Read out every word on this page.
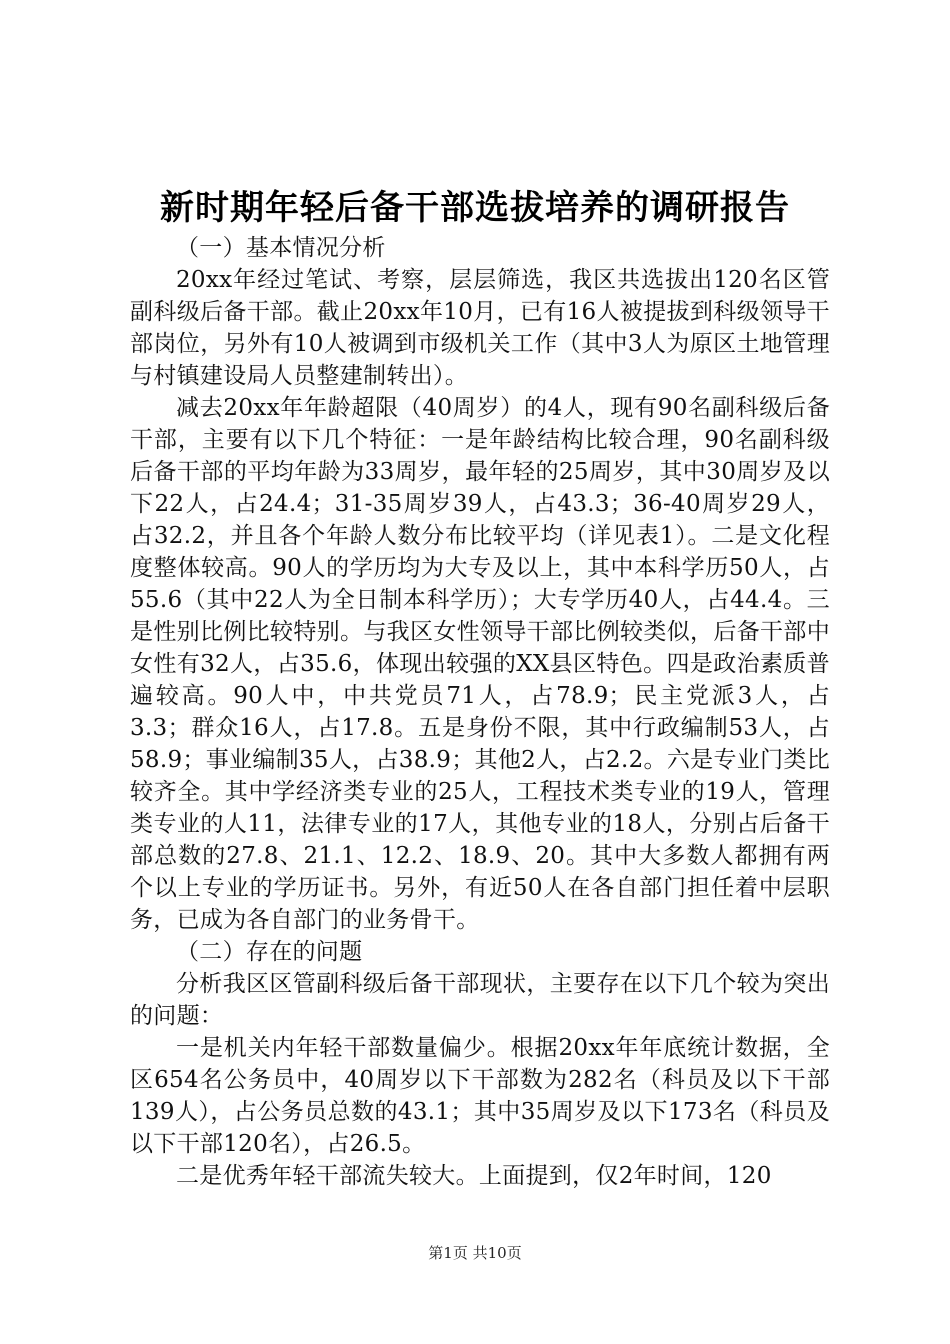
新时期年轻后备干部选拔培养的调研报告

（一）基本情况分析

20xx年经过笔试、考察，层层筛选，我区共选拔出120名区管副科级后备干部。截止20xx年10月，已有16人被提拔到科级领导干部岗位，另外有10人被调到市级机关工作（其中3人为原区土地管理与村镇建设局人员整建制转出）。

减去20xx年年龄超限（40周岁）的4人，现有90名副科级后备干部，主要有以下几个特征：一是年龄结构比较合理，90名副科级后备干部的平均年龄为33周岁，最年轻的25周岁，其中30周岁及以下22人，占24.4；31-35周岁39人，占43.3；36-40周岁29人，占32.2，并且各个年龄人数分布比较平均（详见表1）。二是文化程度整体较高。90人的学历均为大专及以上，其中本科学历50人，占55.6（其中22人为全日制本科学历）；大专学历40人，占44.4。三是性别比例比较特别。与我区女性领导干部比例较类似，后备干部中女性有32人，占35.6，体现出较强的XX县区特色。四是政治素质普遍较高。90人中，中共党员71人，占78.9；民主党派3人，占3.3；群众16人，占17.8。五是身份不限，其中行政编制53人，占58.9；事业编制35人，占38.9；其他2人，占2.2。六是专业门类比较齐全。其中学经济类专业的25人，工程技术类专业的19人，管理类专业的人11，法律专业的17人，其他专业的18人，分别占后备干部总数的27.8、21.1、12.2、18.9、20。其中大多数人都拥有两个以上专业的学历证书。另外，有近50人在各自部门担任着中层职务，已成为各自部门的业务骨干。

（二）存在的问题

分析我区区管副科级后备干部现状，主要存在以下几个较为突出的问题：

一是机关内年轻干部数量偏少。根据20xx年年底统计数据，全区654名公务员中，40周岁以下干部数为282名（科员及以下干部139人），占公务员总数的43.1；其中35周岁及以下173名（科员及以下干部120名），占26.5。

二是优秀年轻干部流失较大。上面提到，仅2年时间，120

第1页 共10页
